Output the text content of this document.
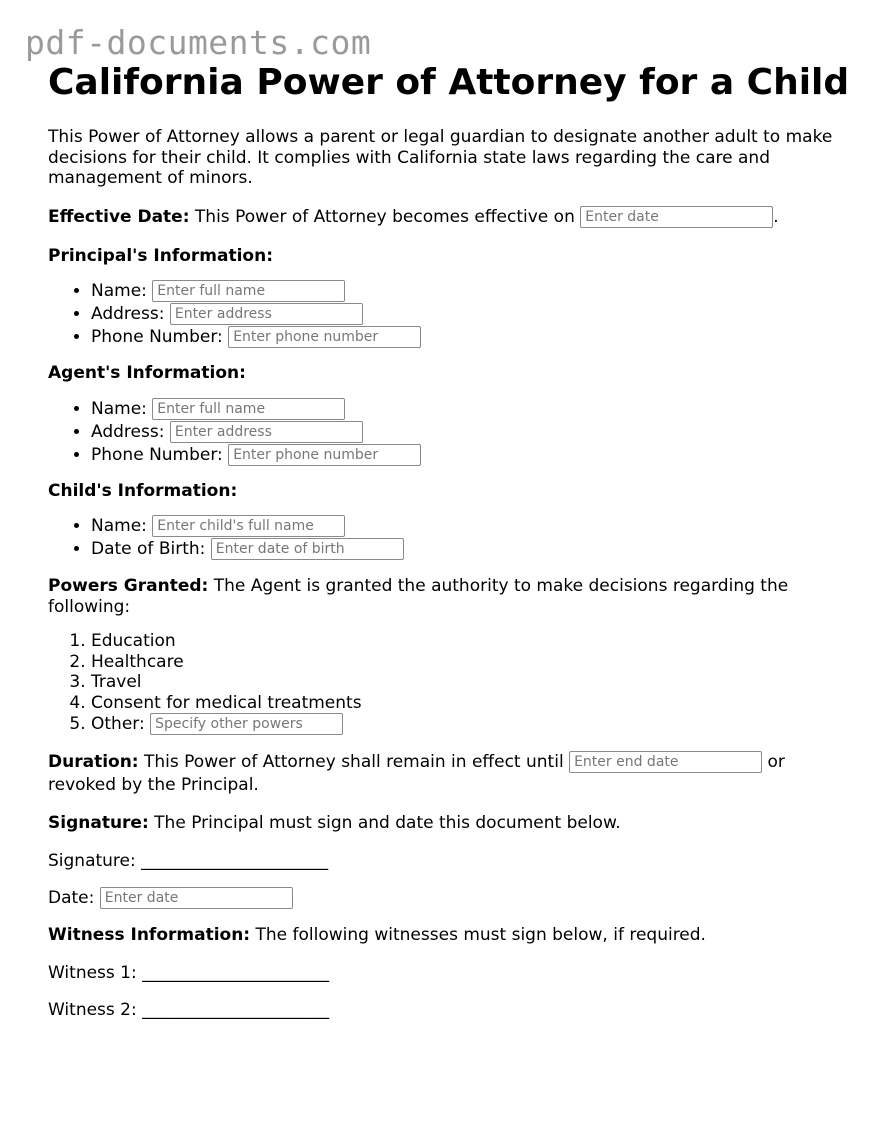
pdf-documents.com
California Power of Attorney for a Child

This Power of Attorney allows a parent or legal guardian to designate another adult to make decisions for their child. It complies with California state laws regarding the care and management of minors.

Effective Date: This Power of Attorney becomes effective on Enter date	.

Principal's Information:

• Name: Enter full name
• Address: Enter address
• Phone Number: Enter phone number

Agent's Information:

• Name: Enter full name
• Address: Enter address
• Phone Number: Enter phone number

Child's Information:

• Name: Enter child's full name
• Date of Birth: Enter date of birth

Powers Granted: The Agent is granted the authority to make decisions regarding the following:

1. Education
2. Healthcare
3. Travel
4. Consent for medical treatments
5. Other: Specify other powers

Duration: This Power of Attorney shall remain in effect until Enter end date	or revoked by the Principal.

Signature: The Principal must sign and date this document below.

Signature: ______________________

Date: Enter date

Witness Information: The following witnesses must sign below, if required.

Witness 1: ______________________

Witness 2: ______________________
